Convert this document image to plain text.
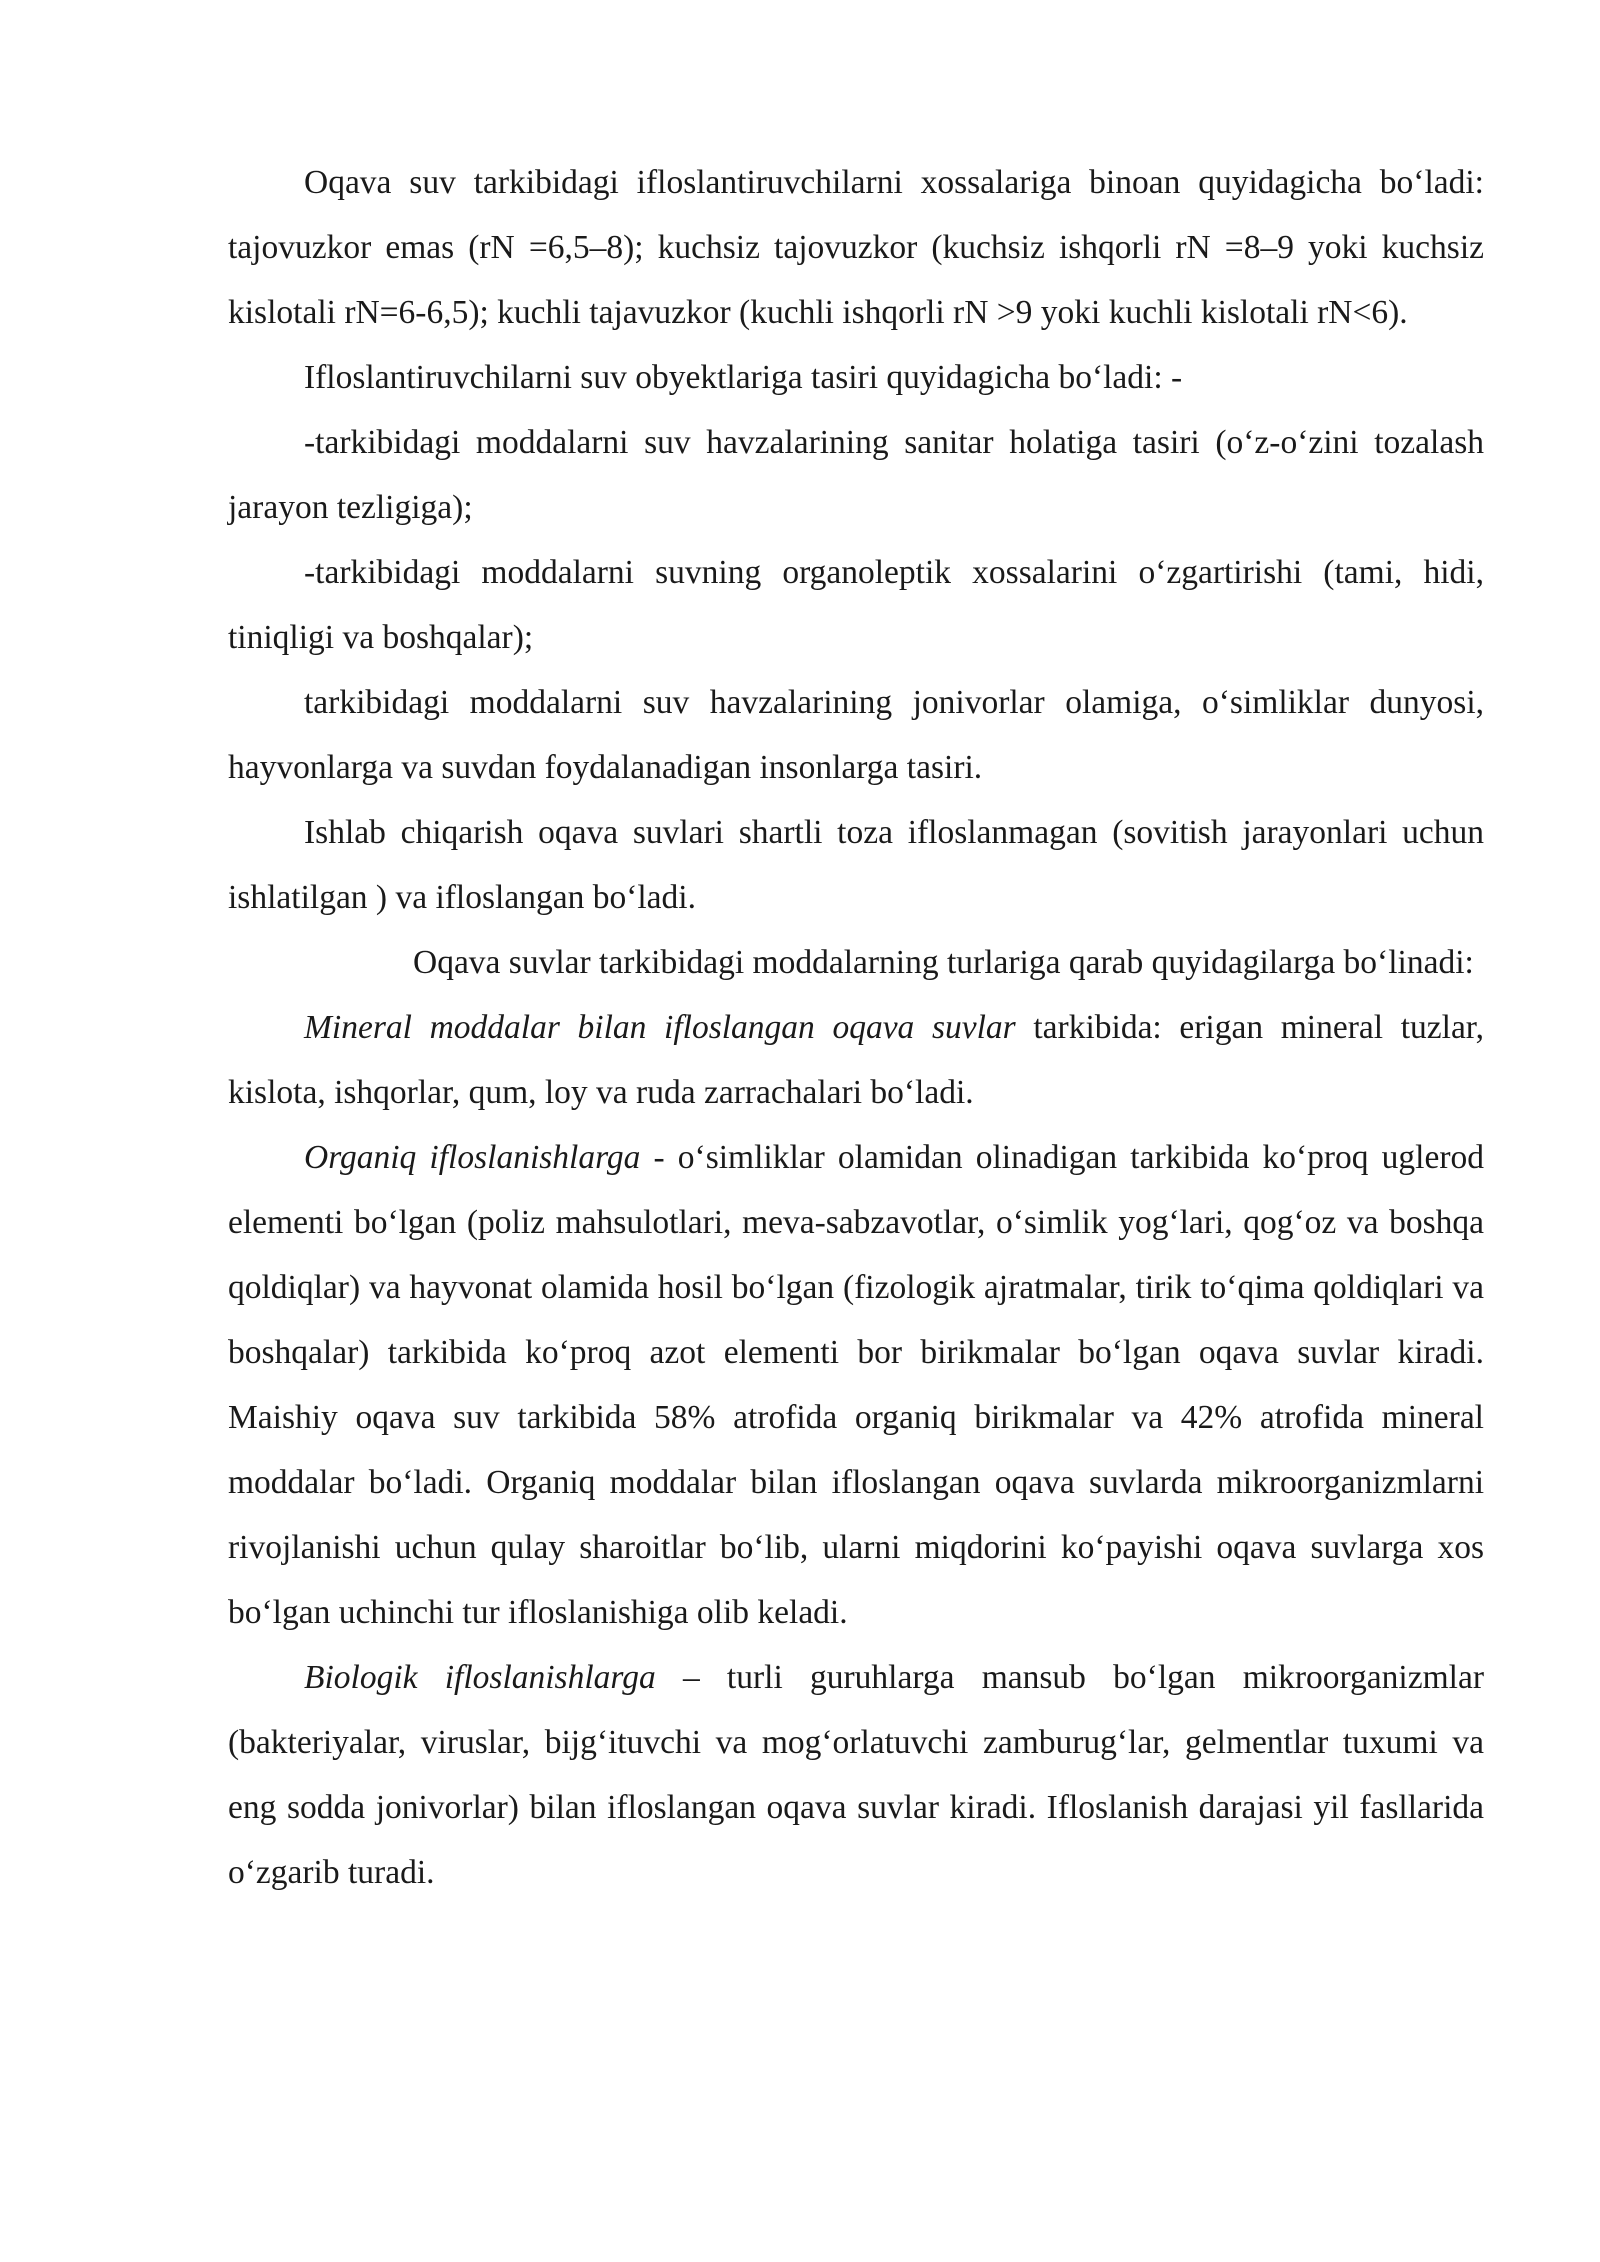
Oqava suv tarkibidagi ifloslantiruvchilarni xossalariga binoan quyidagicha bo‘ladi: tajovuzkor emas (rN =6,5–8); kuchsiz tajovuzkor (kuchsiz ishqorli rN =8–9 yoki kuchsiz kislotali rN=6-6,5); kuchli tajavuzkor (kuchli ishqorli rN >9 yoki kuchli kislotali rN<6).

Ifloslantiruvchilarni suv obyektlariga tasiri quyidagicha bo‘ladi: -

-tarkibidagi moddalarni suv havzalarining sanitar holatiga tasiri (o‘z-o‘zini tozalash jarayon tezligiga);

-tarkibidagi moddalarni suvning organoleptik xossalarini o‘zgartirishi (tami, hidi, tiniqligi va boshqalar);

tarkibidagi moddalarni suv havzalarining jonivorlar olamiga, o‘simliklar dunyosi, hayvonlarga va suvdan foydalanadigan insonlarga tasiri.

Ishlab chiqarish oqava suvlari shartli toza ifloslanmagan (sovitish jarayonlari uchun ishlatilgan ) va ifloslangan bo‘ladi.

Oqava suvlar tarkibidagi moddalarning turlariga qarab quyidagilarga bo‘linadi:

Mineral moddalar bilan ifloslangan oqava suvlar tarkibida: erigan mineral tuzlar, kislota, ishqorlar, qum, loy va ruda zarrachalari bo‘ladi.

Organiq ifloslanishlarga - o‘simliklar olamidan olinadigan tarkibida ko‘proq uglerod elementi bo‘lgan (poliz mahsulotlari, meva-sabzavotlar, o‘simlik yog‘lari, qog‘oz va boshqa qoldiqlar) va hayvonat olamida hosil bo‘lgan (fizologik ajratmalar, tirik to‘qima qoldiqlari va boshqalar) tarkibida ko‘proq azot elementi bor birikmalar bo‘lgan oqava suvlar kiradi. Maishiy oqava suv tarkibida 58% atrofida organiq birikmalar va 42% atrofida mineral moddalar bo‘ladi. Organiq moddalar bilan ifloslangan oqava suvlarda mikroorganizmlarni rivojlanishi uchun qulay sharoitlar bo‘lib, ularni miqdorini ko‘payishi oqava suvlarga xos bo‘lgan uchinchi tur ifloslanishiga olib keladi.

Biologik ifloslanishlarga – turli guruhlarga mansub bo‘lgan mikroorganizmlar (bakteriyalar, viruslar, bijg‘ituvchi va mog‘orlatuvchi zamburug‘lar, gelmentlar tuxumi va eng sodda jonivorlar) bilan ifloslangan oqava suvlar kiradi. Ifloslanish darajasi yil fasllarida o‘zgarib turadi.
